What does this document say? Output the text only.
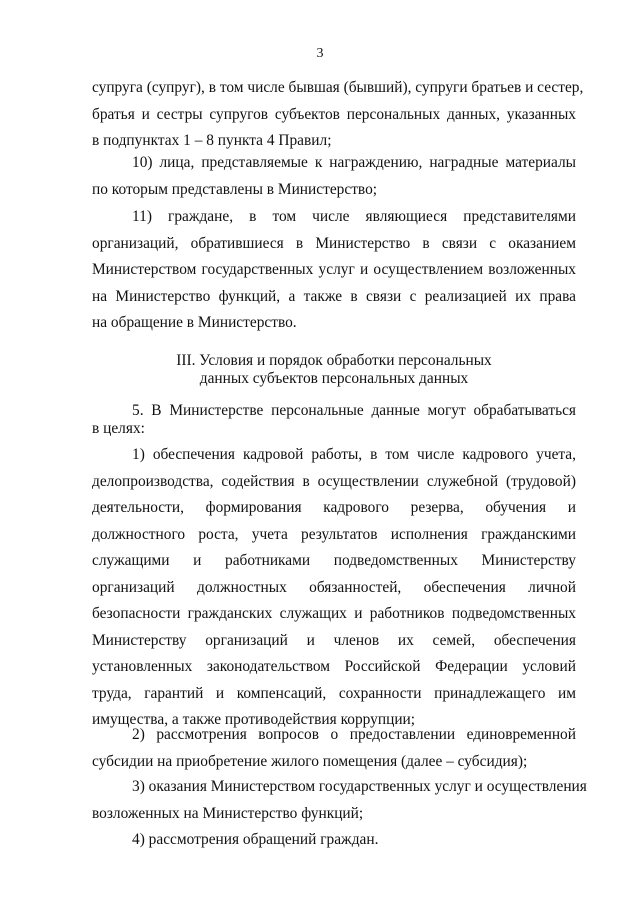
3
супруга (супруг), в том числе бывшая (бывший), супруги братьев и сестер,
братья и сестры супругов субъектов персональных данных, указанных
в подпунктах 1 – 8 пункта 4 Правил;
10) лица, представляемые к награждению, наградные материалы
по которым представлены в Министерство;
11) граждане, в том числе являющиеся представителями
организаций, обратившиеся в Министерство в связи с оказанием
Министерством государственных услуг и осуществлением возложенных
на Министерство функций, а также в связи с реализацией их права
на обращение в Министерство.
III. Условия и порядок обработки персональных
данных субъектов персональных данных
5. В Министерстве персональные данные могут обрабатываться
в целях:
1) обеспечения кадровой работы, в том числе кадрового учета, делопроизводства, содействия в осуществлении служебной (трудовой) деятельности, формирования кадрового резерва, обучения и должностного роста, учета результатов исполнения гражданскими служащими и работниками подведомственных Министерству организаций должностных обязанностей, обеспечения личной безопасности гражданских служащих и работников подведомственных Министерству организаций и членов их семей, обеспечения установленных законодательством Российской Федерации условий труда, гарантий и компенсаций, сохранности принадлежащего им имущества, а также противодействия коррупции;
2) рассмотрения вопросов о предоставлении единовременной
субсидии на приобретение жилого помещения (далее – субсидия);
3) оказания Министерством государственных услуг и осуществления
возложенных на Министерство функций;
4) рассмотрения обращений граждан.
